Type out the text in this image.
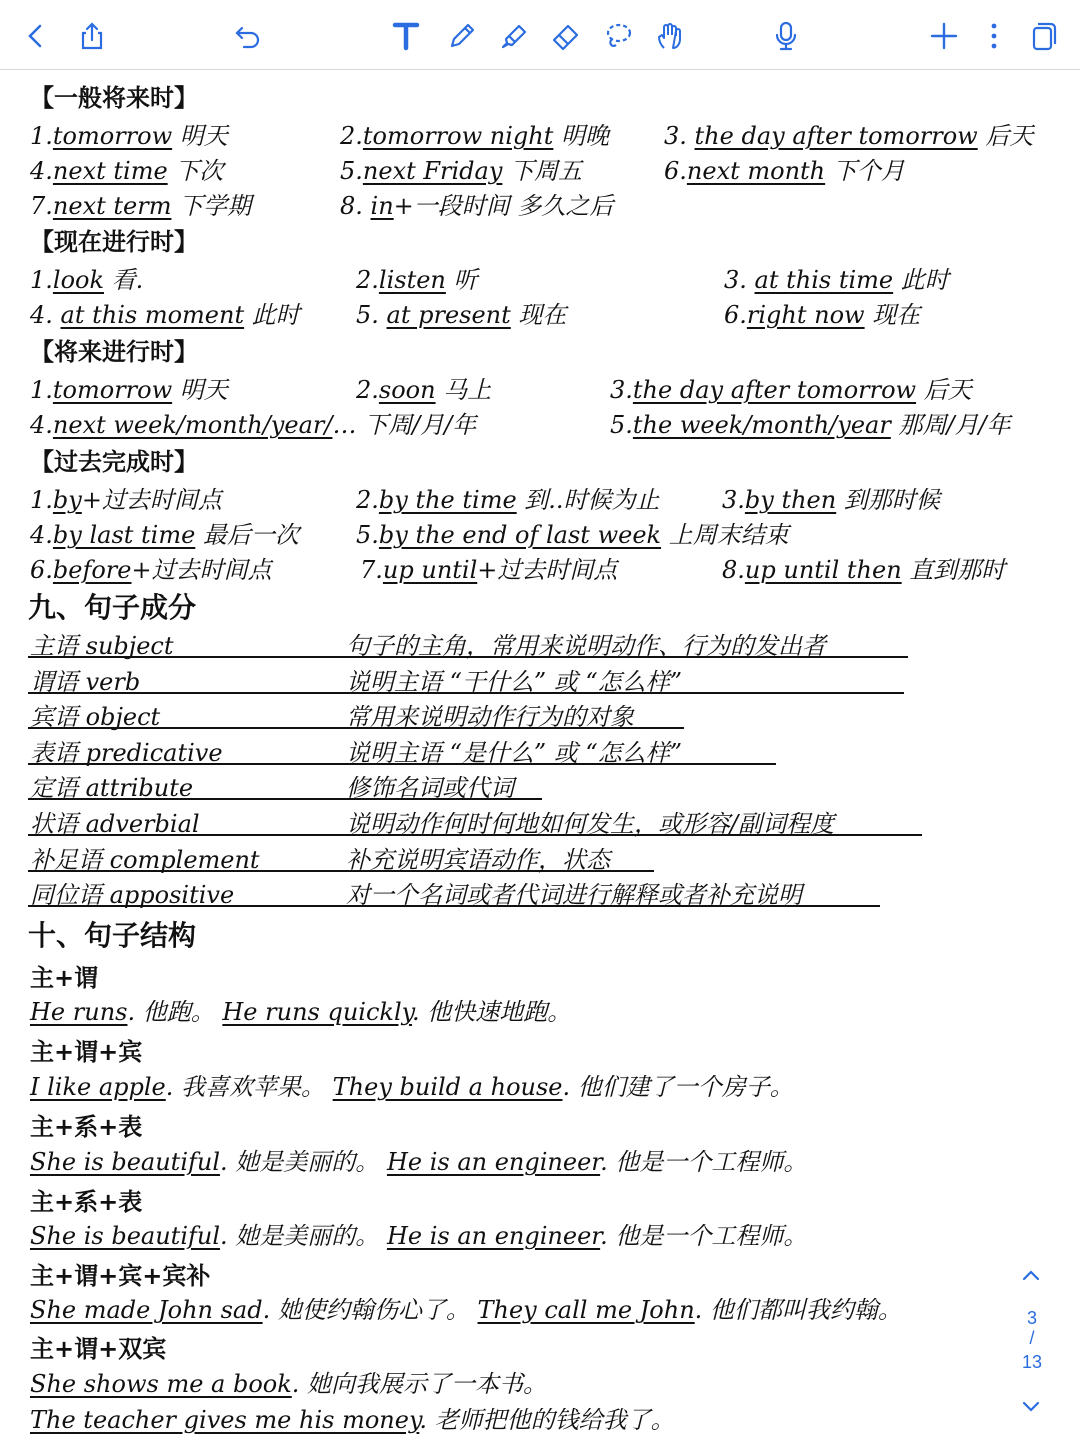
【一般将来时】
1.tomorrow 明天	2.tomorrow night 明晚 3. the day after tomorrow 后天
4.next time 下次	5.next Friday 下周五	6.next month 下个月
7.next term 下学期	8. in+一段时间 多久之后
【现在进行时】
1.look 看.	2.listen 听	3. at this time 此时
4. at this moment 此时 5. at present 现在	6.right now 现在
【将来进行时】
1.tomorrow 明天	2.soon 马上	3.the day after tomorrow 后天
4.next week/month/year/… 下周/月/年	5.the week/month/year 那周/月/年
【过去完成时】
1.by+过去时间点	2.by the time 到..时候为止	3.by then 到那时候
4.by last time 最后一次 5.by the end of last week 上周末结束
6.before+过去时间点	7.up until+过去时间点	8.up until then 直到那时
九、句子成分
主语 subject	句子的主角，常用来说明动作、行为的发出者
谓语 verb	说明主语 “干什么” 或 “怎么样”
宾语 object	常用来说明动作行为的对象
表语 predicative	说明主语 “是什么” 或 “怎么样”
定语 attribute	修饰名词或代词
状语 adverbial	说明动作何时何地如何发生，或形容/副词程度
补足语 complement	补充说明宾语动作，状态
同位语 appositive	对一个名词或者代词进行解释或者补充说明
十、句子结构
主+谓
He runs. 他跑。 He runs quickly. 他快速地跑。
主+谓+宾
I like apple. 我喜欢苹果。 They build a house. 他们建了一个房子。
主+系+表
She is beautiful. 她是美丽的。 He is an engineer. 他是一个工程师。
主+系+表
She is beautiful. 她是美丽的。 He is an engineer. 他是一个工程师。
主+谓+宾+宾补
She made John sad. 她使约翰伤心了。 They call me John. 他们都叫我约翰。
主+谓+双宾
She shows me a book. 她向我展示了一本书。
The teacher gives me his money. 老师把他的钱给我了。
3
/
13
